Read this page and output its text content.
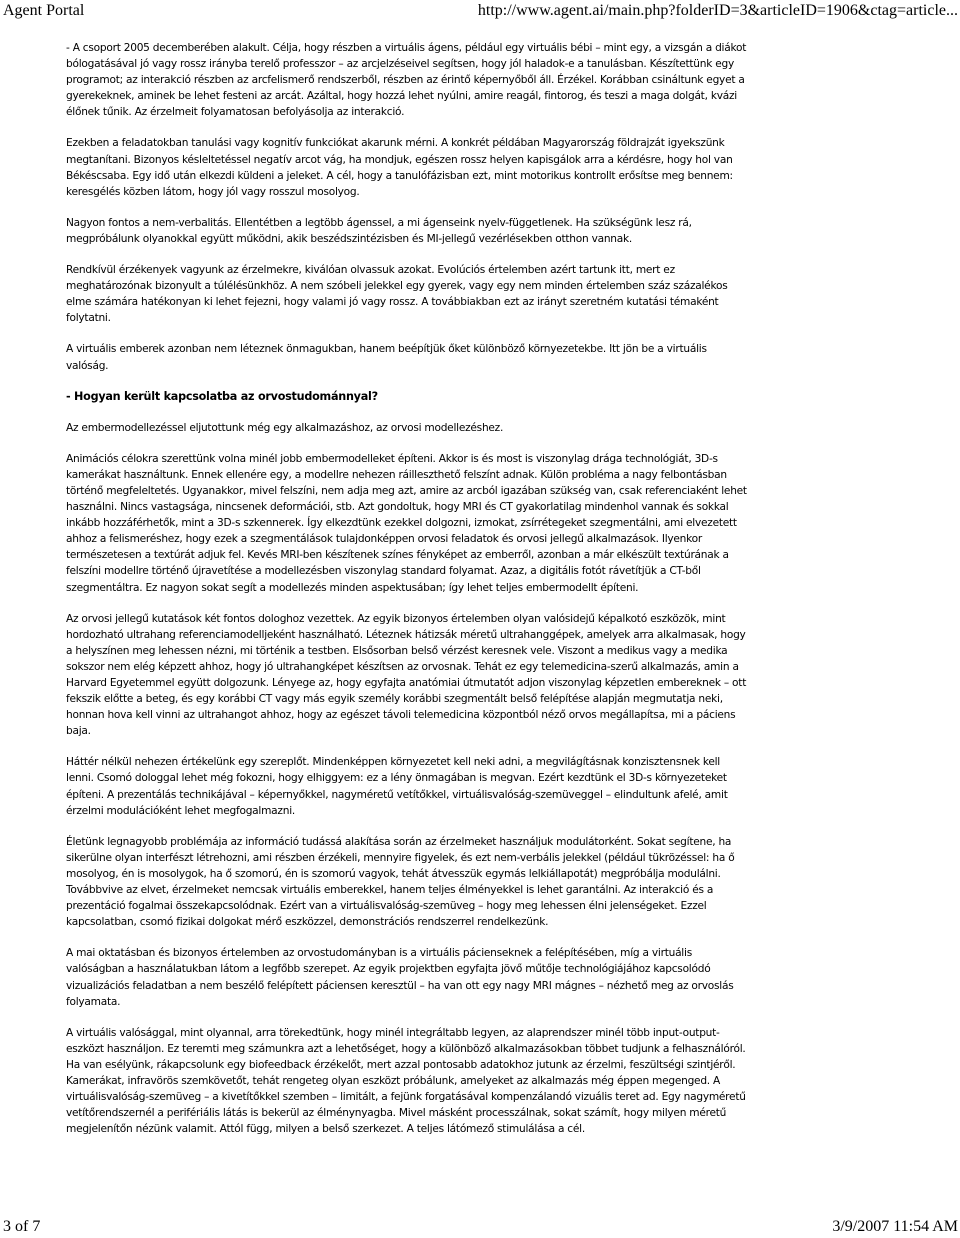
Agent Portal	http://www.agent.ai/main.php?folderID=3&articleID=1906&ctag=article...

- A csoport 2005 decemberében alakult. Célja, hogy részben a virtuális ágens, például egy virtuális bébi – mint egy, a vizsgán a diákot bólogatásával jó vagy rossz irányba terelő professzor – az arcjelzéseivel segítsen, hogy jól haladok-e a tanulásban. Készítettünk egy programot; az interakció részben az arcfelismerő rendszerből, részben az érintő képernyőből áll. Érzékel. Korábban csináltunk egyet a gyerekeknek, aminek be lehet festeni az arcát. Azáltal, hogy hozzá lehet nyúlni, amire reagál, fintorog, és teszi a maga dolgát, kvázi élőnek tűnik. Az érzelmeit folyamatosan befolyásolja az interakció.

Ezekben a feladatokban tanulási vagy kognitív funkciókat akarunk mérni. A konkrét példában Magyarország földrajzát igyekszünk megtanítani. Bizonyos késleltetéssel negatív arcot vág, ha mondjuk, egészen rossz helyen kapisgálok arra a kérdésre, hogy hol van Békéscsaba. Egy idő után elkezdi küldeni a jeleket. A cél, hogy a tanulófázisban ezt, mint motorikus kontrollt erősítse meg bennem: keresgélés közben látom, hogy jól vagy rosszul mosolyog.

Nagyon fontos a nem-verbalitás. Ellentétben a legtöbb ágenssel, a mi ágenseink nyelv-függetlenek. Ha szükségünk lesz rá, megpróbálunk olyanokkal együtt működni, akik beszédszintézisben és MI-jellegű vezérlésekben otthon vannak.

Rendkívül érzékenyek vagyunk az érzelmekre, kiválóan olvassuk azokat. Evolúciós értelemben azért tartunk itt, mert ez meghatározónak bizonyult a túlélésünkhöz. A nem szóbeli jelekkel egy gyerek, vagy egy nem minden értelemben száz százalékos elme számára hatékonyan ki lehet fejezni, hogy valami jó vagy rossz. A továbbiakban ezt az irányt szeretném kutatási témaként folytatni.

A virtuális emberek azonban nem léteznek önmagukban, hanem beépítjük őket különböző környezetekbe. Itt jön be a virtuális valóság.

- Hogyan került kapcsolatba az orvostudománnyal?

Az embermodellezéssel eljutottunk még egy alkalmazáshoz, az orvosi modellezéshez.

Animációs célokra szerettünk volna minél jobb embermodelleket építeni. Akkor is és most is viszonylag drága technológiát, 3D-s kamerákat használtunk. Ennek ellenére egy, a modellre nehezen ráilleszthető felszínt adnak. Külön probléma a nagy felbontásban történő megfeleltetés. Ugyanakkor, mivel felszíni, nem adja meg azt, amire az arcból igazában szükség van, csak referenciaként lehet használni. Nincs vastagsága, nincsenek deformációi, stb. Azt gondoltuk, hogy MRI és CT gyakorlatilag mindenhol vannak és sokkal inkább hozzáférhetők, mint a 3D-s szkennerek. Így elkezdtünk ezekkel dolgozni, izmokat, zsírrétegeket szegmentálni, ami elvezetett ahhoz a felismeréshez, hogy ezek a szegmentálások tulajdonképpen orvosi feladatok és orvosi jellegű alkalmazások. Ilyenkor természetesen a textúrát adjuk fel. Kevés MRI-ben készítenek színes fényképet az emberről, azonban a már elkészült textúrának a felszíni modellre történő újravetítése a modellezésben viszonylag standard folyamat. Azaz, a digitális fotót rávetítjük a CT-ből szegmentáltra. Ez nagyon sokat segít a modellezés minden aspektusában; így lehet teljes embermodellt építeni.

Az orvosi jellegű kutatások két fontos dologhoz vezettek. Az egyik bizonyos értelemben olyan valósidejű képalkotó eszközök, mint hordozható ultrahang referenciamodelljeként használható. Léteznek hátizsák méretű ultrahanggépek, amelyek arra alkalmasak, hogy a helyszínen meg lehessen nézni, mi történik a testben. Elsősorban belső vérzést keresnek vele. Viszont a medikus vagy a medika sokszor nem elég képzett ahhoz, hogy jó ultrahangképet készítsen az orvosnak. Tehát ez egy telemedicina-szerű alkalmazás, amin a Harvard Egyetemmel együtt dolgozunk. Lényege az, hogy egyfajta anatómiai útmutatót adjon viszonylag képzetlen embereknek – ott fekszik előtte a beteg, és egy korábbi CT vagy más egyik személy korábbi szegmentált belső felépítése alapján megmutatja neki, honnan hova kell vinni az ultrahangot ahhoz, hogy az egészet távoli telemedicina központból néző orvos megállapítsa, mi a páciens baja.

Háttér nélkül nehezen értékelünk egy szereplőt. Mindenképpen környezetet kell neki adni, a megvilágításnak konzisztensnek kell lenni. Csomó dologgal lehet még fokozni, hogy elhiggyem: ez a lény önmagában is megvan. Ezért kezdtünk el 3D-s környezeteket építeni. A prezentálás technikájával – képernyőkkel, nagyméretű vetítőkkel, virtuálisvalóság-szemüveggel – elindultunk afelé, amit érzelmi modulációként lehet megfogalmazni.

Életünk legnagyobb problémája az információ tudássá alakítása során az érzelmeket használjuk modulátorként. Sokat segítene, ha sikerülne olyan interfészt létrehozni, ami részben érzékeli, mennyire figyelek, és ezt nem-verbális jelekkel (például tükrözéssel: ha ő mosolyog, én is mosolygok, ha ő szomorú, én is szomorú vagyok, tehát átvesszük egymás lelkiállapotát) megpróbálja modulálni. Továbbvive az elvet, érzelmeket nemcsak virtuális emberekkel, hanem teljes élményekkel is lehet garantálni. Az interakció és a prezentáció fogalmai összekapcsolódnak. Ezért van a virtuálisvalóság-szemüveg – hogy meg lehessen élni jelenségeket. Ezzel kapcsolatban, csomó fizikai dolgokat mérő eszközzel, demonstrációs rendszerrel rendelkezünk.

A mai oktatásban és bizonyos értelemben az orvostudományban is a virtuális pácienseknek a felépítésében, míg a virtuális valóságban a használatukban látom a legfőbb szerepet. Az egyik projektben egyfajta jövő műtője technológiájához kapcsolódó vizualizációs feladatban a nem beszélő felépített páciensen keresztül – ha van ott egy nagy MRI mágnes – nézhető meg az orvoslás folyamata.

A virtuális valósággal, mint olyannal, arra törekedtünk, hogy minél integráltabb legyen, az alaprendszer minél több input-output-eszközt használjon. Ez teremti meg számunkra azt a lehetőséget, hogy a különböző alkalmazásokban többet tudjunk a felhasználóról. Ha van esélyünk, rákapcsolunk egy biofeedback érzékelőt, mert azzal pontosabb adatokhoz jutunk az érzelmi, feszültségi szintjéről. Kamerákat, infravörös szemkövetőt, tehát rengeteg olyan eszközt próbálunk, amelyeket az alkalmazás még éppen megenged. A virtuálisvalóság-szemüveg – a kivetítőkkel szemben – limitált, a fejünk forgatásával kompenzálandó vizuális teret ad. Egy nagyméretű vetítőrendszernél a perifériális látás is bekerül az élménynyagba. Mivel másként processzálnak, sokat számít, hogy milyen méretű megjelenítőn nézünk valamit. Attól függ, milyen a belső szerkezet. A teljes látómező stimulálása a cél.

3 of 7	3/9/2007 11:54 AM
